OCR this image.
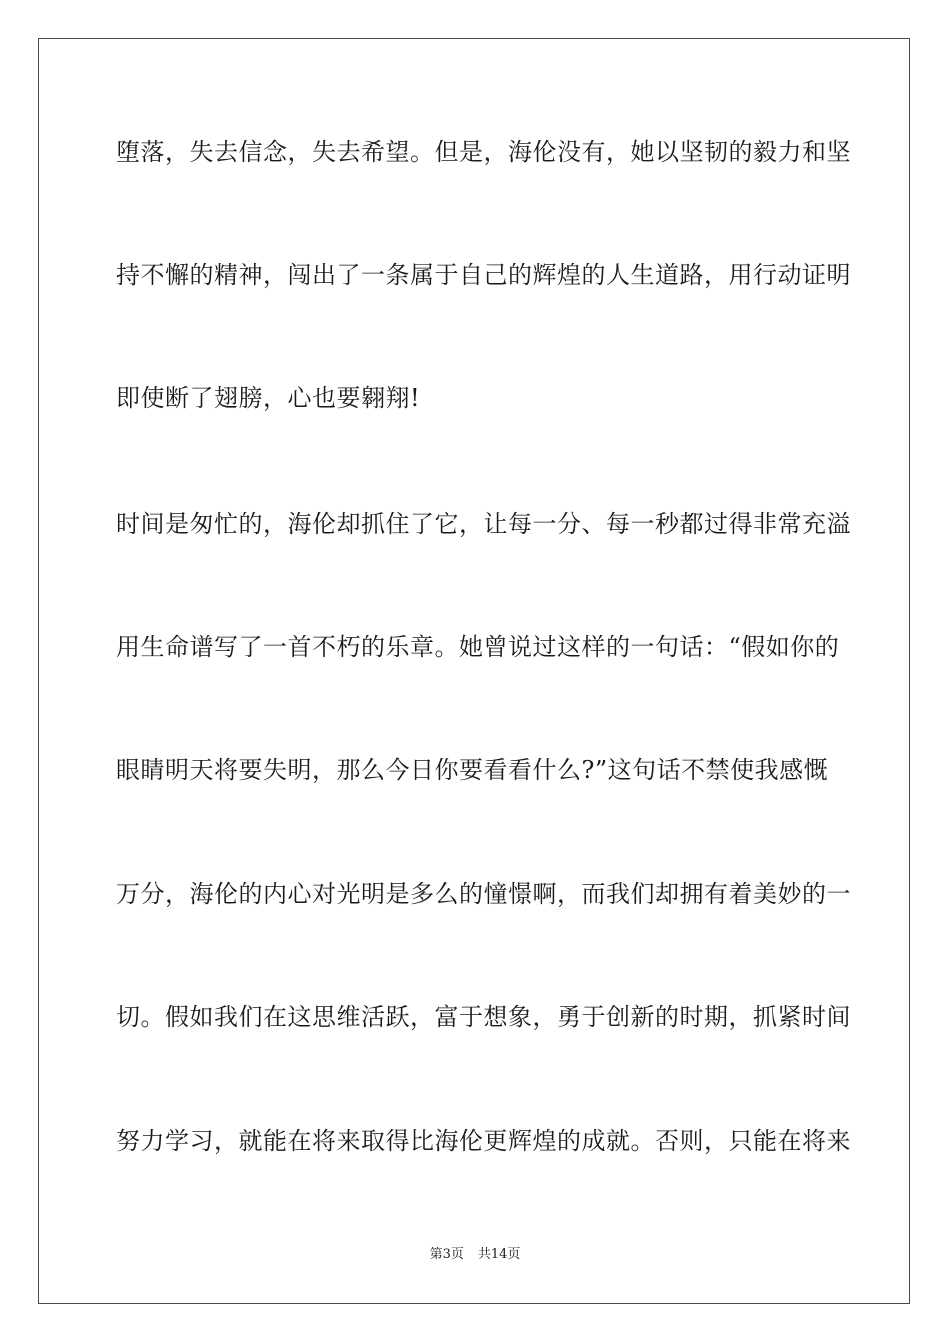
堕落，失去信念，失去希望。但是，海伦没有，她以坚韧的毅力和坚
持不懈的精神，闯出了一条属于自己的辉煌的人生道路，用行动证明
即使断了翅膀，心也要翱翔!
时间是匆忙的，海伦却抓住了它，让每一分、每一秒都过得非常充溢
用生命谱写了一首不朽的乐章。她曾说过这样的一句话：“假如你的
眼睛明天将要失明，那么今日你要看看什么?”这句话不禁使我感慨
万分，海伦的内心对光明是多么的憧憬啊，而我们却拥有着美妙的一
切。假如我们在这思维活跃，富于想象，勇于创新的时期，抓紧时间
努力学习，就能在将来取得比海伦更辉煌的成就。否则，只能在将来
第3页 共14页
